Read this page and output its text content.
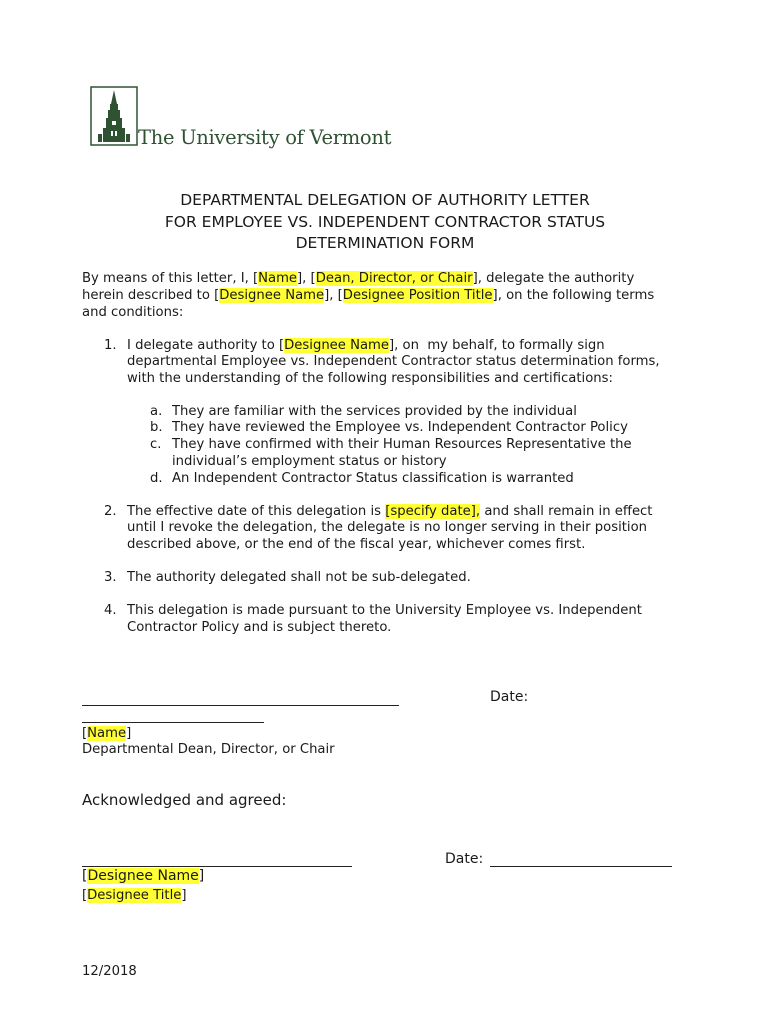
The University of Vermont
DEPARTMENTAL DELEGATION OF AUTHORITY LETTER
FOR EMPLOYEE VS. INDEPENDENT CONTRACTOR STATUS
DETERMINATION FORM
By means of this letter, I, [Name], [Dean, Director, or Chair], delegate the authority
herein described to [Designee Name], [Designee Position Title], on the following terms
and conditions:
1. I delegate authority to [Designee Name], on  my behalf, to formally sign
departmental Employee vs. Independent Contractor status determination forms,
with the understanding of the following responsibilities and certifications:
a. They are familiar with the services provided by the individual
b. They have reviewed the Employee vs. Independent Contractor Policy
c. They have confirmed with their Human Resources Representative the
individual’s employment status or history
d. An Independent Contractor Status classification is warranted
2. The effective date of this delegation is [specify date], and shall remain in effect
until I revoke the delegation, the delegate is no longer serving in their position
described above, or the end of the fiscal year, whichever comes first.
3. The authority delegated shall not be sub-delegated.
4. This delegation is made pursuant to the University Employee vs. Independent
Contractor Policy and is subject thereto.
Date:
[Name]
Departmental Dean, Director, or Chair
Acknowledged and agreed:
Date:
[Designee Name]
[Designee Title]
12/2018
